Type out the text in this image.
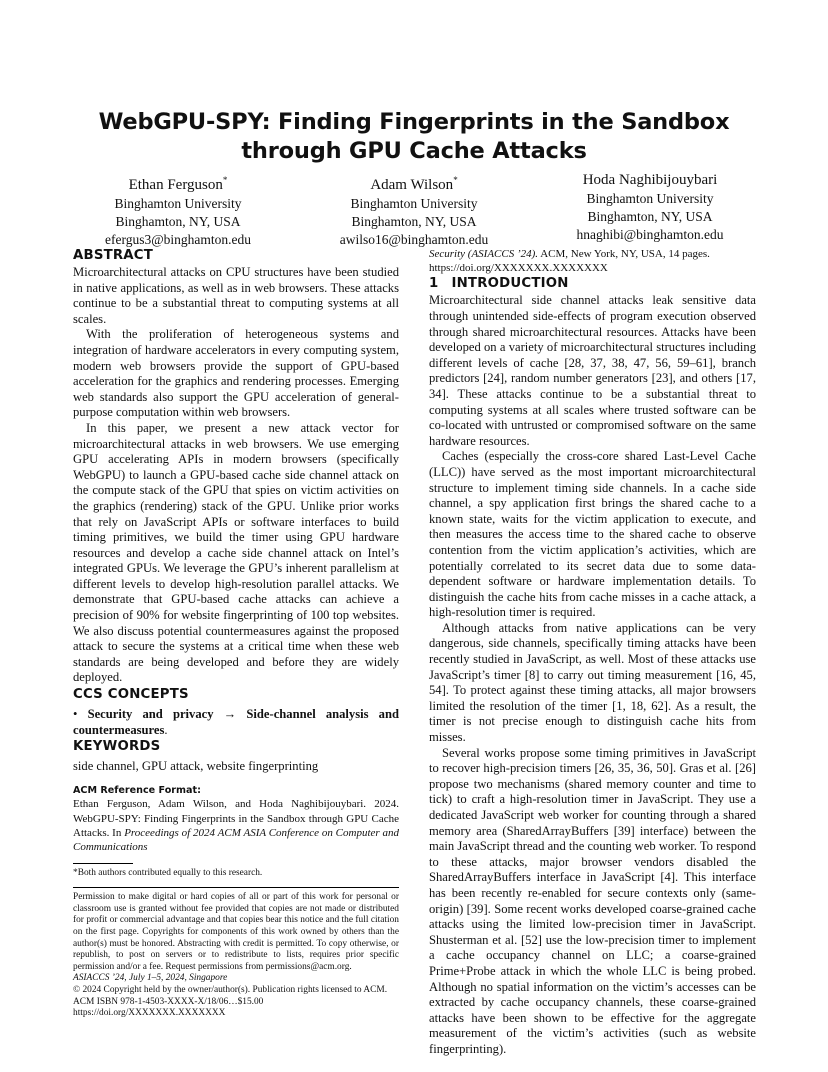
WebGPU-SPY: Finding Fingerprints in the Sandbox through GPU Cache Attacks
Ethan Ferguson*
Binghamton University
Binghamton, NY, USA
efergus3@binghamton.edu
Adam Wilson*
Binghamton University
Binghamton, NY, USA
awilso16@binghamton.edu
Hoda Naghibijouybari
Binghamton University
Binghamton, NY, USA
hnaghibi@binghamton.edu
ABSTRACT

Microarchitectural attacks on CPU structures have been studied in native applications, as well as in web browsers. These attacks continue to be a substantial threat to computing systems at all scales.

With the proliferation of heterogeneous systems and integration of hardware accelerators in every computing system, modern web browsers provide the support of GPU-based acceleration for the graphics and rendering processes. Emerging web standards also support the GPU acceleration of general-purpose computation within web browsers.

In this paper, we present a new attack vector for microarchitectural attacks in web browsers. We use emerging GPU accelerating APIs in modern browsers (specifically WebGPU) to launch a GPU-based cache side channel attack on the compute stack of the GPU that spies on victim activities on the graphics (rendering) stack of the GPU. Unlike prior works that rely on JavaScript APIs or software interfaces to build timing primitives, we build the timer using GPU hardware resources and develop a cache side channel attack on Intel’s integrated GPUs. We leverage the GPU’s inherent parallelism at different levels to develop high-resolution parallel attacks. We demonstrate that GPU-based cache attacks can achieve a precision of 90% for website fingerprinting of 100 top websites. We also discuss potential countermeasures against the proposed attack to secure the systems at a critical time when these web standards are being developed and before they are widely deployed.

CCS CONCEPTS

• Security and privacy → Side-channel analysis and countermeasures.

KEYWORDS

side channel, GPU attack, website fingerprinting

ACM Reference Format:

Ethan Ferguson, Adam Wilson, and Hoda Naghibijouybari. 2024. WebGPU-SPY: Finding Fingerprints in the Sandbox through GPU Cache Attacks. In Proceedings of 2024 ACM ASIA Conference on Computer and Communications

*Both authors contributed equally to this research.

Permission to make digital or hard copies of all or part of this work for personal or classroom use is granted without fee provided that copies are not made or distributed for profit or commercial advantage and that copies bear this notice and the full citation on the first page. Copyrights for components of this work owned by others than the author(s) must be honored. Abstracting with credit is permitted. To copy otherwise, or republish, to post on servers or to redistribute to lists, requires prior specific permission and/or a fee. Request permissions from permissions@acm.org.

ASIACCS ’24, July 1–5, 2024, Singapore

© 2024 Copyright held by the owner/author(s). Publication rights licensed to ACM.

ACM ISBN 978-1-4503-XXXX-X/18/06…$15.00

https://doi.org/XXXXXXX.XXXXXXX

Security (ASIACCS ’24). ACM, New York, NY, USA, 14 pages. https://doi.org/XXXXXXX.XXXXXXX

1 INTRODUCTION

Microarchitectural side channel attacks leak sensitive data through unintended side-effects of program execution observed through shared microarchitectural resources. Attacks have been developed on a variety of microarchitectural structures including different levels of cache [28, 37, 38, 47, 56, 59–61], branch predictors [24], random number generators [23], and others [17, 34]. These attacks continue to be a substantial threat to computing systems at all scales where trusted software can be co-located with untrusted or compromised software on the same hardware resources.

Caches (especially the cross-core shared Last-Level Cache (LLC)) have served as the most important microarchitectural structure to implement timing side channels. In a cache side channel, a spy application first brings the shared cache to a known state, waits for the victim application to execute, and then measures the access time to the shared cache to observe contention from the victim application’s activities, which are potentially correlated to its secret data due to some data-dependent software or hardware implementation details. To distinguish the cache hits from cache misses in a cache attack, a high-resolution timer is required.

Although attacks from native applications can be very dangerous, side channels, specifically timing attacks have been recently studied in JavaScript, as well. Most of these attacks use JavaScript’s timer [8] to carry out timing measurement [16, 45, 54]. To protect against these timing attacks, all major browsers limited the resolution of the timer [1, 18, 62]. As a result, the timer is not precise enough to distinguish cache hits from misses.

Several works propose some timing primitives in JavaScript to recover high-precision timers [26, 35, 36, 50]. Gras et al. [26] propose two mechanisms (shared memory counter and time to tick) to craft a high-resolution timer in JavaScript. They use a dedicated JavaScript web worker for counting through a shared memory area (SharedArrayBuffers [39] interface) between the main JavaScript thread and the counting web worker. To respond to these attacks, major browser vendors disabled the SharedArrayBuffers interface in JavaScript [4]. This interface has been recently re-enabled for secure contexts only (same-origin) [39]. Some recent works developed coarse-grained cache attacks using the limited low-precision timer in JavaScript. Shusterman et al. [52] use the low-precision timer to implement a cache occupancy channel on LLC; a coarse-grained Prime+Probe attack in which the whole LLC is being probed. Although no spatial information on the victim’s accesses can be extracted by cache occupancy channels, these coarse-grained attacks have been shown to be effective for the aggregate measurement of the victim’s activities (such as website fingerprinting).
